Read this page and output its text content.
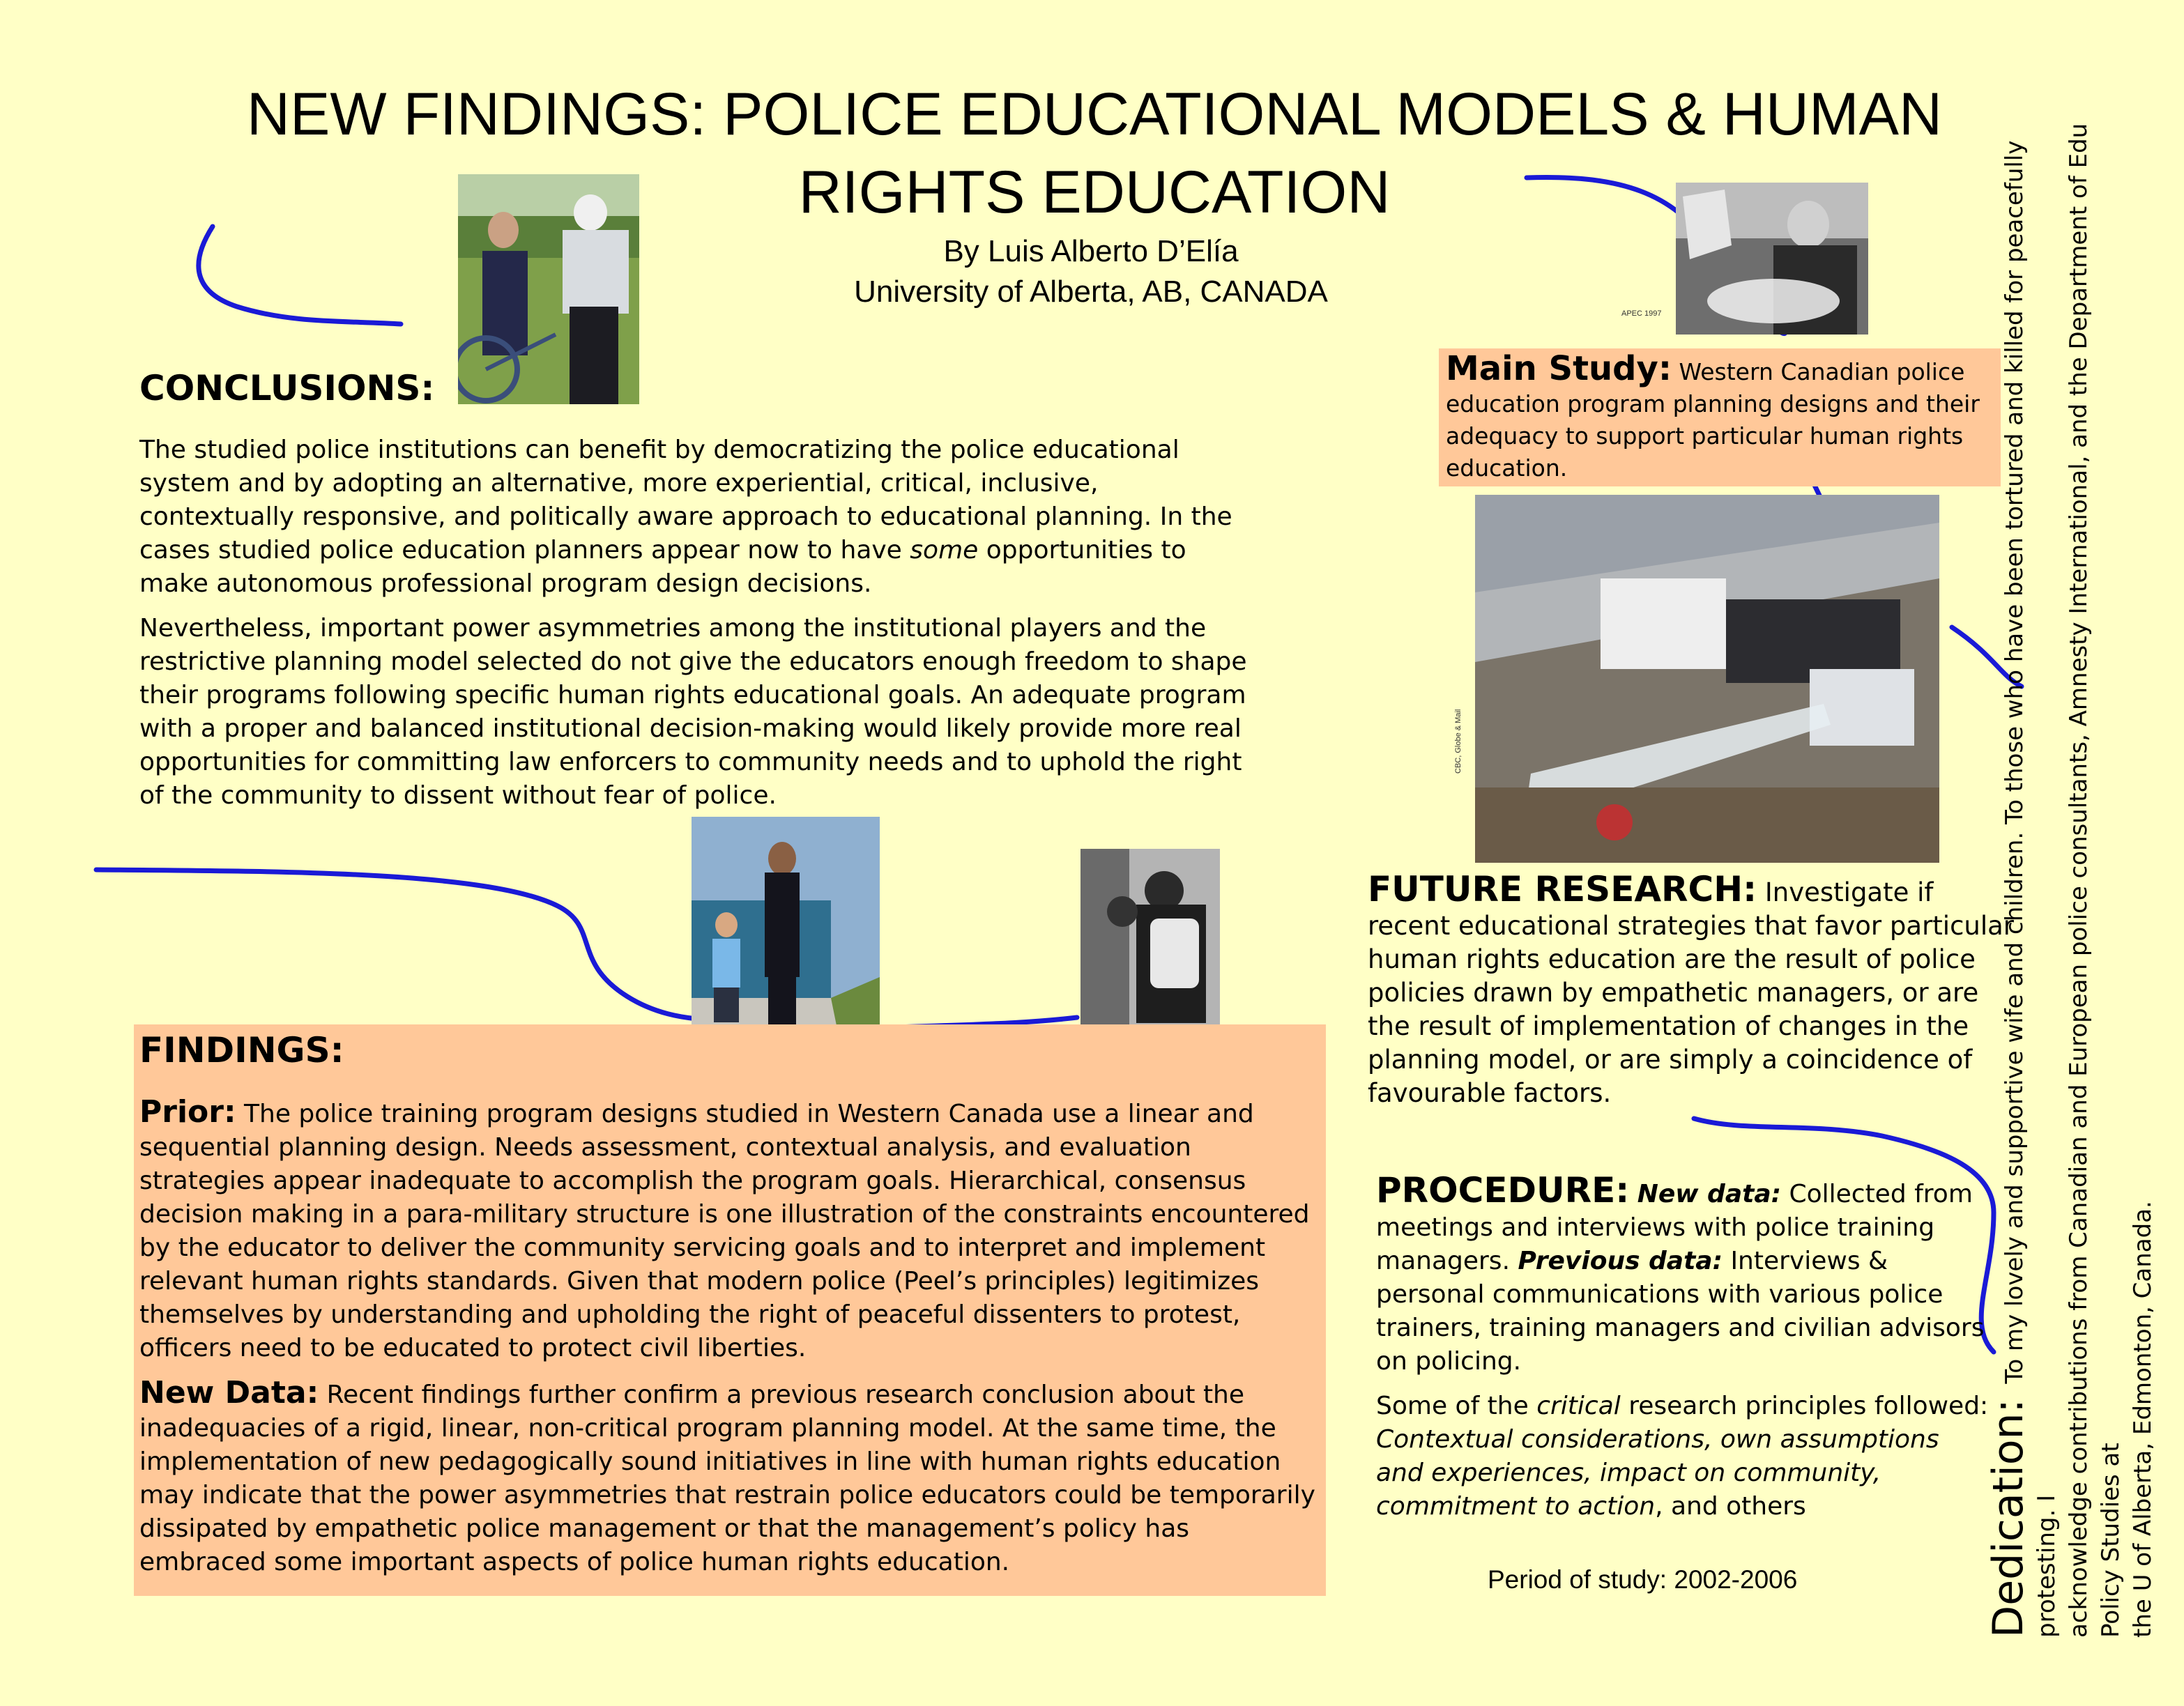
NEW FINDINGS: POLICE EDUCATIONAL MODELS & HUMAN
RIGHTS EDUCATION
By Luis Alberto D’Elía
University of Alberta, AB, CANADA
APEC 1997
CONCLUSIONS:

The studied police institutions can benefit by democratizing the police educational system and by adopting an alternative, more experiential, critical, inclusive, contextually responsive, and politically aware approach to educational planning. In the cases studied police education planners appear now to have some opportunities to make autonomous professional program design decisions.

Nevertheless, important power asymmetries among the institutional players and the restrictive planning model selected do not give the educators enough freedom to shape their programs following specific human rights educational goals. An adequate program with a proper and balanced institutional decision-making would likely provide more real opportunities for committing law enforcers to community needs and to uphold the right of the community to dissent without fear of police.

Main Study: Western Canadian police education program planning designs and their adequacy to support particular human rights education.
CBC, Globe & Mail
FUTURE RESEARCH: Investigate if recent educational strategies that favor particular human rights education are the result of police policies drawn by empathetic managers, or are the result of implementation of changes in the planning model, or are simply a coincidence of favourable factors.
FINDINGS:

Prior: The police training program designs studied in Western Canada use a linear and sequential planning design. Needs assessment, contextual analysis, and evaluation strategies appear inadequate to accomplish the program goals. Hierarchical, consensus decision making in a para-military structure is one illustration of the constraints encountered by the educator to deliver the community servicing goals and to interpret and implement relevant human rights standards. Given that modern police (Peel’s principles) legitimizes themselves by understanding and upholding the right of peaceful dissenters to protest, officers need to be educated to protect civil liberties.

New Data: Recent findings further confirm a previous research conclusion about the inadequacies of a rigid, linear, non-critical program planning model. At the same time, the implementation of new pedagogically sound initiatives in line with human rights education may indicate that the power asymmetries that restrain police educators could be temporarily dissipated by empathetic police management or that the management’s policy has embraced some important aspects of police human rights education.

PROCEDURE: New data: Collected from meetings and interviews with police training managers. Previous data: Interviews & personal communications with various police trainers, training managers and civilian advisors on policing.

Some of the critical research principles followed: Contextual considerations, own assumptions and experiences, impact on community, commitment to action, and others

Period of study: 2002-2006	Dedication:  To my lovely and supportive wife and children. To those who have been tortured and killed for peacefully protesting. I acknowledge contributions from Canadian and European police consultants, Amnesty International, and the Department of Edu Policy Studies at the U of Alberta, Edmonton, Canada.
